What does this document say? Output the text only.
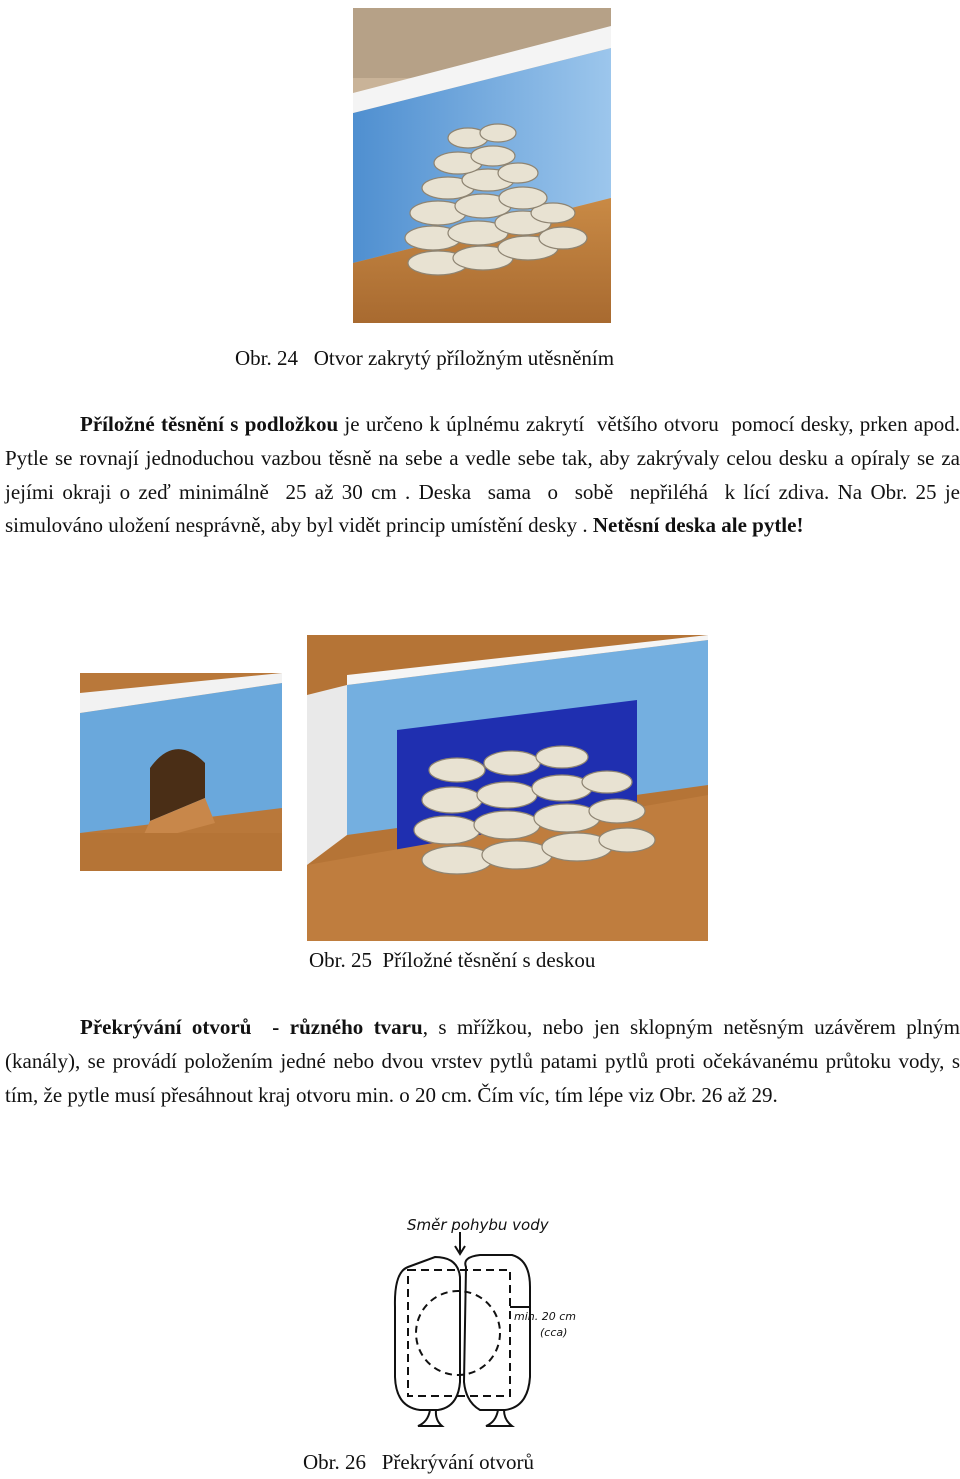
Obr. 24   Otvor zakrytý příložným utěsněním
Příložné těsnění s podložkou je určeno k úplnému zakrytí  většího otvoru  pomocí desky, prken apod. Pytle se rovnají jednoduchou vazbou těsně na sebe a vedle sebe tak, aby zakrývaly celou desku a opíraly se za jejími okraji o zeď minimálně  25 až 30 cm . Deska  sama  o  sobě  nepřiléhá  k lící zdiva. Na Obr. 25 je simulováno uložení nesprávně, aby byl vidět princip umístění desky . Netěsní deska ale pytle!
Obr. 25  Příložné těsnění s deskou
Překrývání otvorů  - různého tvaru, s mřížkou, nebo jen sklopným netěsným uzávěrem plným (kanály), se provádí položením jedné nebo dvou vrstev pytlů patami pytlů proti očekávanému průtoku vody, s tím, že pytle musí přesáhnout kraj otvoru min. o 20 cm. Čím víc, tím lépe viz Obr. 26 až 29.
Směr pohybu vody
min. 20 cm
(cca)
Obr. 26   Překrývání otvorů
